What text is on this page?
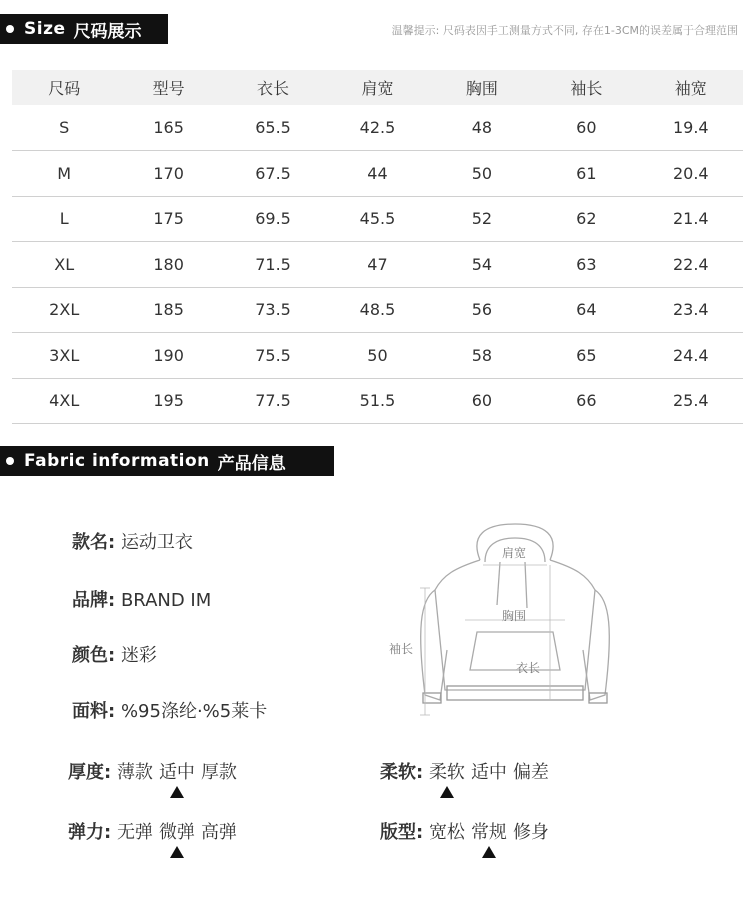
Size 尺码展示	温馨提示: 尺码表因手工测量方式不同, 存在1-3CM的误差属于合理范围
尺码	型号	衣长	肩宽	胸围	袖长	袖宽
S	165	65.5	42.5	48	60	19.4
M	170	67.5	44	50	61	20.4
L	175	69.5	45.5	52	62	21.4
XL	180	71.5	47	54	63	22.4
2XL	185	73.5	48.5	56	64	23.4
3XL	190	75.5	50	58	65	24.4
4XL	195	77.5	51.5	60	66	25.4
Fabric information 产品信息
款名: 运动卫衣
品牌: BRAND IM
颜色: 迷彩
面料: %95涤纶·%5莱卡
肩宽
胸围
袖长
衣长
厚度: 薄款 适中 厚款	柔软: 柔软 适中 偏差
弹力: 无弹 微弹 高弹	版型: 宽松 常规 修身
